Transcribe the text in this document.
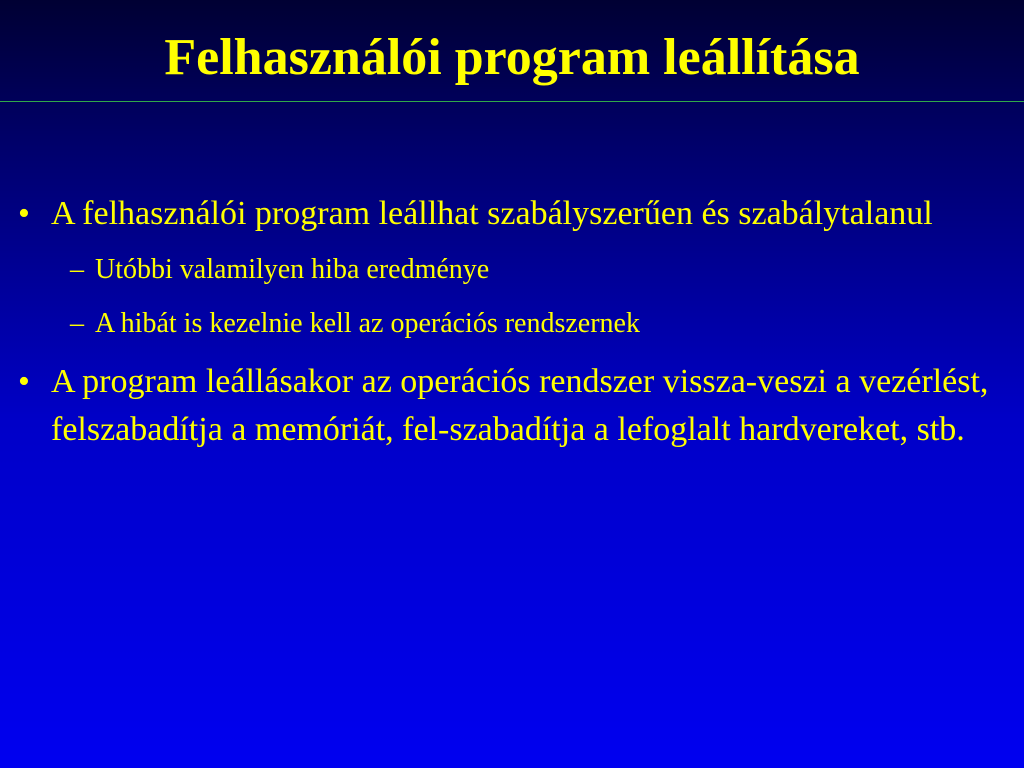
Felhasználói program leállítása
• A felhasználói program leállhat szabályszerűen és szabálytalanul
– Utóbbi valamilyen hiba eredménye
– A hibát is kezelnie kell az operációs rendszernek
• A program leállásakor az operációs rendszer vissza-veszi a vezérlést, felszabadítja a memóriát, fel-szabadítja a lefoglalt hardvereket, stb.
